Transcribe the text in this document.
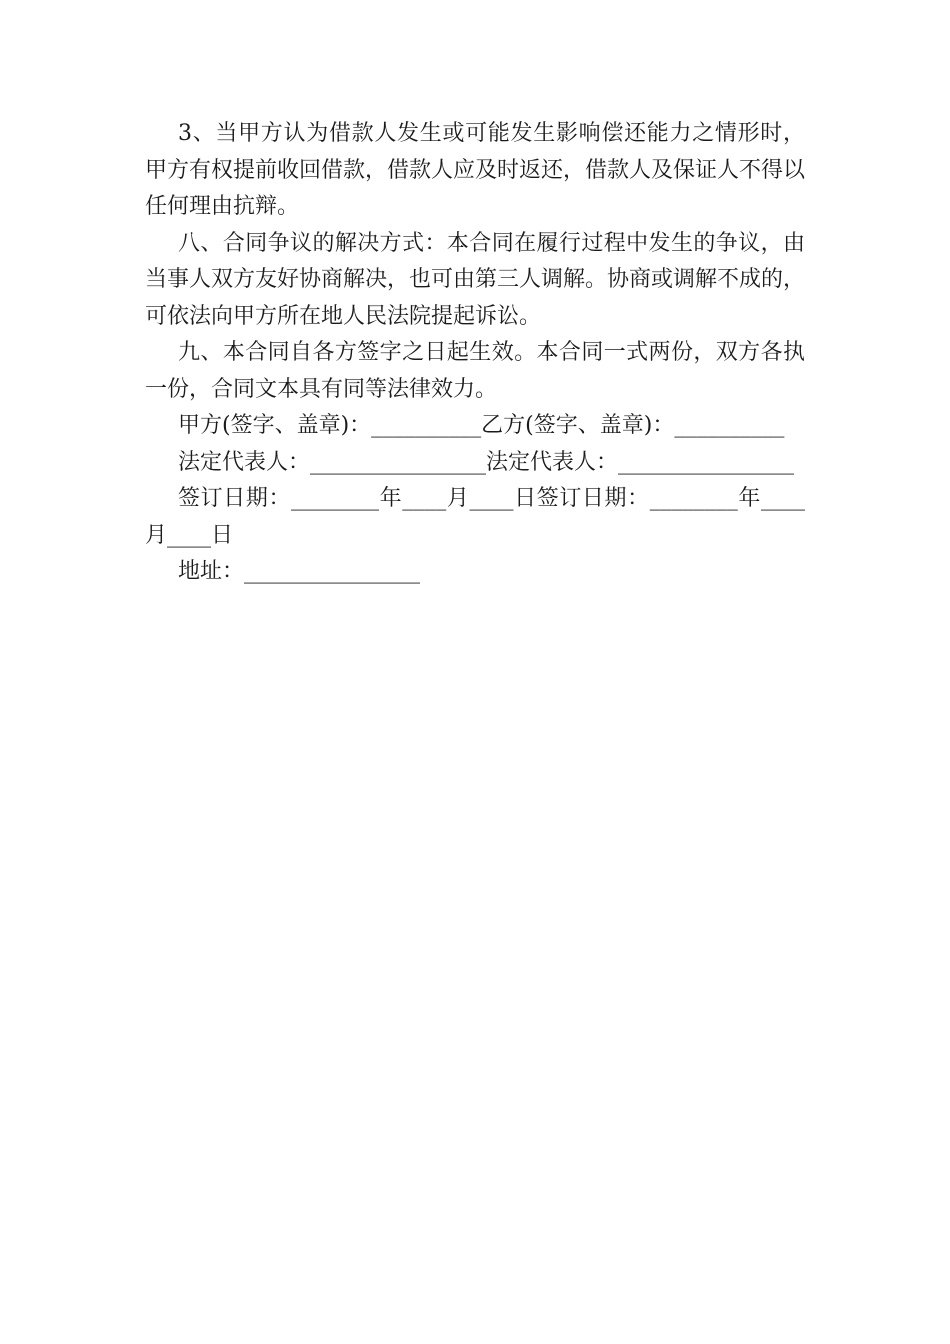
3、当甲方认为借款人发生或可能发生影响偿还能力之情形时，甲方有权提前收回借款，借款人应及时返还，借款人及保证人不得以任何理由抗辩。

八、合同争议的解决方式：本合同在履行过程中发生的争议，由当事人双方友好协商解决，也可由第三人调解。协商或调解不成的，可依法向甲方所在地人民法院提起诉讼。

九、本合同自各方签字之日起生效。本合同一式两份，双方各执一份，合同文本具有同等法律效力。

甲方(签字、盖章)：__________乙方(签字、盖章)：__________

法定代表人：________________法定代表人：________________

签订日期：________年____月____日签订日期：________年____月____日

地址：________________
